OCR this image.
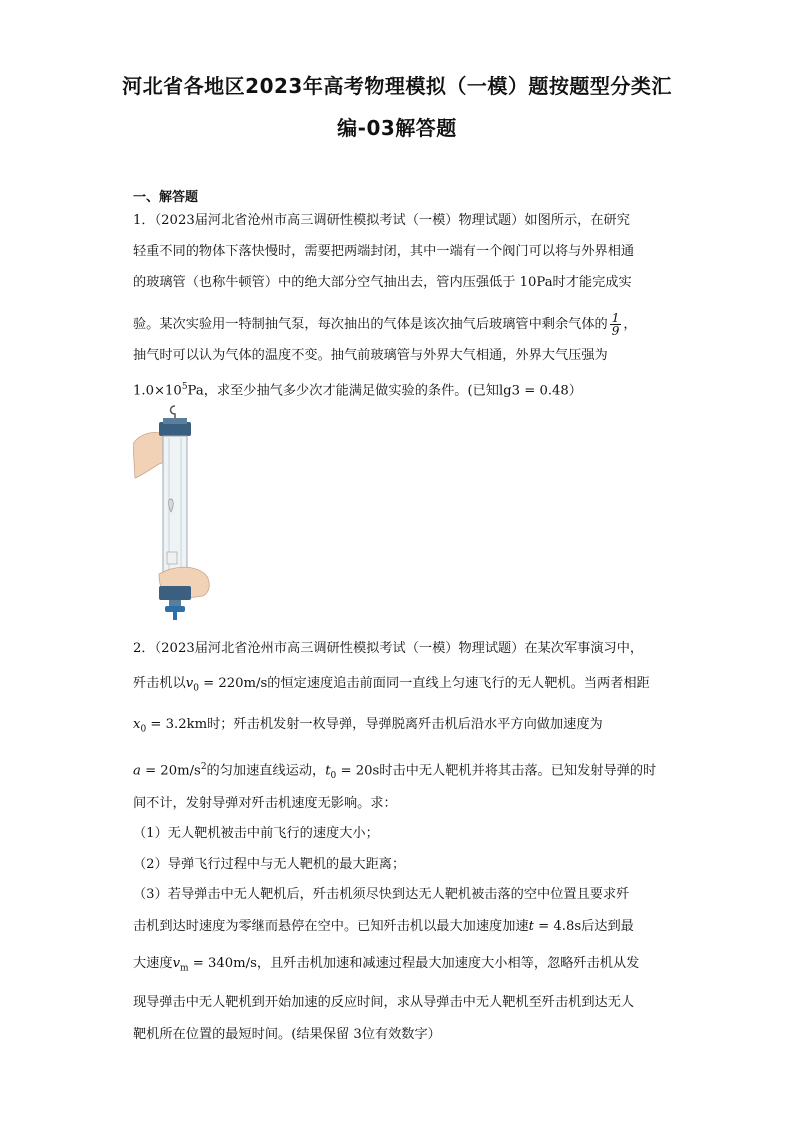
河北省各地区2023年高考物理模拟（一模）题按题型分类汇
编-03解答题
一、解答题
1．（2023届河北省沧州市高三调研性模拟考试（一模）物理试题）如图所示，在研究
轻重不同的物体下落快慢时，需要把两端封闭，其中一端有一个阀门可以将与外界相通
的玻璃管（也称牛顿管）中的绝大部分空气抽出去，管内压强低于 10Pa时才能完成实
验。某次实验用一特制抽气泵，每次抽出的气体是该次抽气后玻璃管中剩余气体的 $\frac{1}{9}$ ，
抽气时可以认为气体的温度不变。抽气前玻璃管与外界大气相通，外界大气压强为
$1.0\times 10^5Pa$，求至少抽气多少次才能满足做实验的条件。(已知lg3 = 0.48）
2．（2023届河北省沧州市高三调研性模拟考试（一模）物理试题）在某次军事演习中，
歼击机以$v_0 = 220m/s$的恒定速度追击前面同一直线上匀速飞行的无人靶机。当两者相距
$x_0 = 3.2km$时；歼击机发射一枚导弹，导弹脱离歼击机后沿水平方向做加速度为
$a = 20m/s^2$的匀加速直线运动，$t_0 = 20s$时击中无人靶机并将其击落。已知发射导弹的时
间不计，发射导弹对歼击机速度无影响。求：
（1）无人靶机被击中前飞行的速度大小；
（2）导弹飞行过程中与无人靶机的最大距离；
（3）若导弹击中无人靶机后，歼击机须尽快到达无人靶机被击落的空中位置且要求歼
击机到达时速度为零继而悬停在空中。已知歼击机以最大加速度加速t = 4.8s后达到最
大速度$v_m = 340m/s$，且歼击机加速和减速过程最大加速度大小相等，忽略歼击机从发
现导弹击中无人靶机到开始加速的反应时间，求从导弹击中无人靶机至歼击机到达无人
靶机所在位置的最短时间。(结果保留 3位有效数字）
